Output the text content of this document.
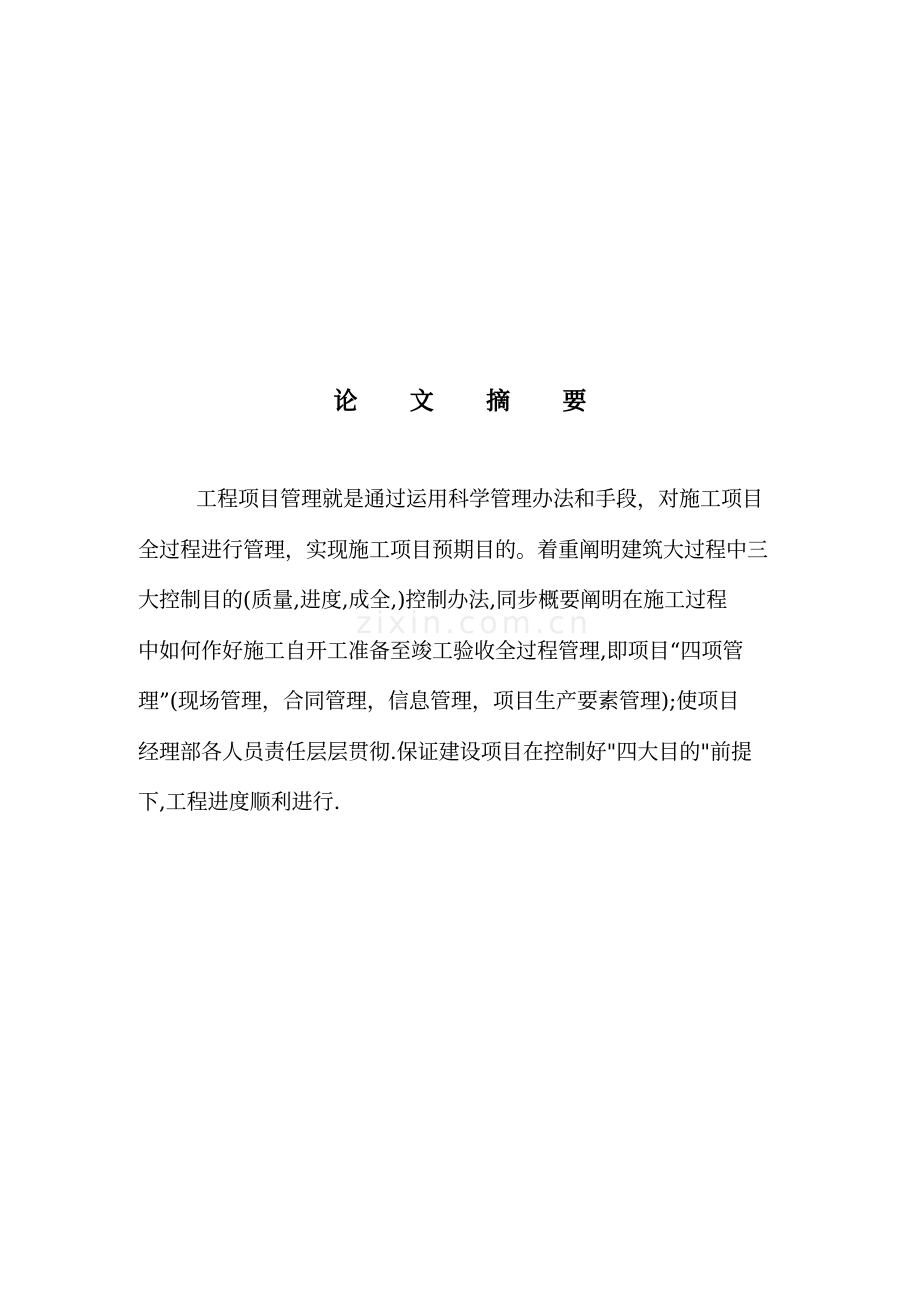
论 文 摘 要
工程项目管理就是通过运用科学管理办法和手段，对施工项目
全过程进行管理，实现施工项目预期目的。着重阐明建筑大过程中三
大控制目的(质量,进度,成全,)控制办法,同步概要阐明在施工过程
中如何作好施工自开工准备至竣工验收全过程管理,即项目“四项管
理”(现场管理，合同管理，信息管理，项目生产要素管理);使项目
经理部各人员责任层层贯彻.保证建设项目在控制好"四大目的"前提
下,工程进度顺利进行.
zixin.com.cn
